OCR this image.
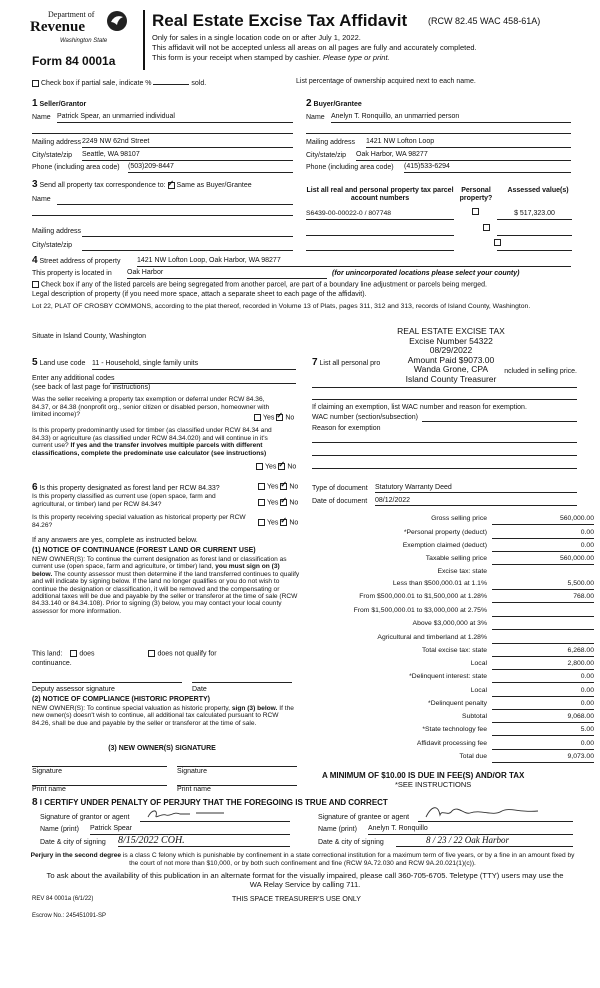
Department of
Revenue
Washington State
Form 84 0001a
Real Estate Excise Tax Affidavit (RCW 82.45 WAC 458-61A)
Only for sales in a single location code on or after July 1, 2022.
This affidavit will not be accepted unless all areas on all pages are fully and accurately completed.
This form is your receipt when stamped by cashier. Please type or print.
Check box if partial sale, indicate %	sold.	List percentage of ownership acquired next to each name.
1 Seller/Grantor
Name Patrick Spear, an unmarried individual
Mailing address 2249 NW 62nd Street
City/state/zip Seattle, WA 98107
Phone (including area code) (503)209-8447
2 Buyer/Grantee
Name Anelyn T. Ronquillo, an unmarried person
Mailing address 1421 NW Lofton Loop
City/state/zip Oak Harbor, WA 98277
Phone (including area code) (415)533-6294
3 Send all property tax correspondence to: ✓ Same as Buyer/Grantee
Name
Mailing address
City/state/zip
List all real and personal property tax parcel account numbers
Personal property?
Assessed value(s)
S6439-00-00022-0 / 807748
	$ 517,323.00

4 Street address of property 1421 NW Lofton Loop, Oak Harbor, WA 98277
This property is located in Oak Harbor	(for unincorporated locations please select your county)
Check box if any of the listed parcels are being segregated from another parcel, are part of a boundary line adjustment or parcels being merged.
Legal description of property (if you need more space, attach a separate sheet to each page of the affidavit).
Lot 22, PLAT OF CROSBY COMMONS, according to the plat thereof, recorded in Volume 13 of Plats, pages 311, 312 and 313, records of Island County, Washington.
Situate in Island County, Washington
REAL ESTATE EXCISE TAX
Excise Number 54322
08/29/2022
Amount Paid $9073.00
Wanda Grone, CPA
Island County Treasurer
5 Land use code 11 - Household, single family units
Enter any additional codes
(see back of last page for instructions)
Was the seller receiving a property tax exemption or deferral under RCW 84.36, 84.37, or 84.38 (nonprofit org., senior citizen or disabled person, homeowner with limited income)?	Yes ✓ No
Is this property predominantly used for timber (as classified under RCW 84.34 and 84.33) or agriculture (as classified under RCW 84.34.020) and will continue in it's current use? If yes and the transfer involves multiple parcels with different classifications, complete the predominate use calculator (see instructions)
Yes ✓ No
7 List all personal pro
ncluded in selling price.
If claiming an exemption, list WAC number and reason for exemption.
WAC number (section/subsection)
Reason for exemption
Type of document Statutory Warranty Deed
Date of document 08/12/2022
6 Is this property designated as forest land per RCW 84.33?	Yes ✓ No
Is this property classified as current use (open space, farm and agricultural, or timber) land per RCW 84.34?	Yes ✓ No
Is this property receiving special valuation as historical property per RCW 84.26?	Yes ✓ No
If any answers are yes, complete as instructed below.
(1) NOTICE OF CONTINUANCE (FOREST LAND OR CURRENT USE)
NEW OWNER(S): To continue the current designation as forest land or classification as current use (open space, farm and agriculture, or timber) land, you must sign on (3) below. The county assessor must then determine if the land transferred continues to qualify and will indicate by signing below. If the land no longer qualifies or you do not wish to continue the designation or classification, it will be removed and the compensating or additional taxes will be due and payable by the seller or transferor at the time of sale (RCW 84.33.140 or 84.34.108). Prior to signing (3) below, you may contact your local county assessor for more information.
This land: does	does not qualify for
continuance.
Deputy assessor signature	Date
(2) NOTICE OF COMPLIANCE (HISTORIC PROPERTY)
NEW OWNER(S): To continue special valuation as historic property, sign (3) below. If the new owner(s) doesn't wish to continue, all additional tax calculated pursuant to RCW 84.26, shall be due and payable by the seller or transferor at the time of sale.
(3) NEW OWNER(S) SIGNATURE
Signature	Signature
Print name	Print name
Gross selling price	560,000.00
*Personal property (deduct)	0.00
Exemption claimed (deduct)	0.00
Taxable selling price	560,000.00
Excise tax: state
Less than $500,000.01 at 1.1%	5,500.00
From $500,000.01 to $1,500,000 at 1.28%	768.00
From $1,500,000.01 to $3,000,000 at 2.75%
Above $3,000,000 at 3%
Agricultural and timberland at 1.28%
Total excise tax: state	6,268.00
Local	2,800.00
*Delinquent interest: state	0.00
Local	0.00
*Delinquent penalty	0.00
Subtotal	9,068.00
*State technology fee	5.00
Affidavit processing fee	0.00
Total due	9,073.00
A MINIMUM OF $10.00 IS DUE IN FEE(S) AND/OR TAX
*SEE INSTRUCTIONS
8 I CERTIFY UNDER PENALTY OF PERJURY THAT THE FOREGOING IS TRUE AND CORRECT
Signature of grantor or agent	Signature of grantee or agent
Name (print) Patrick Spear	Name (print) Anelyn T. Ronquillo
Date & city of signing 8/15/2022 COH.	Date & city of signing	8 / 23 / 22 Oak Harbor
Perjury in the second degree is a class C felony which is punishable by confinement in a state correctional institution for a maximum term of five years, or by a fine in an amount fixed by the court of not more than $10,000, or by both such confinement and fine (RCW 9A.72.030 and RCW 9A.20.021(1)(c)).
To ask about the availability of this publication in an alternate format for the visually impaired, please call 360-705-6705. Teletype (TTY) users may use the WA Relay Service by calling 711.
REV 84 0001a (6/1/22)	THIS SPACE TREASURER'S USE ONLY
Escrow No.: 245451091-SP
